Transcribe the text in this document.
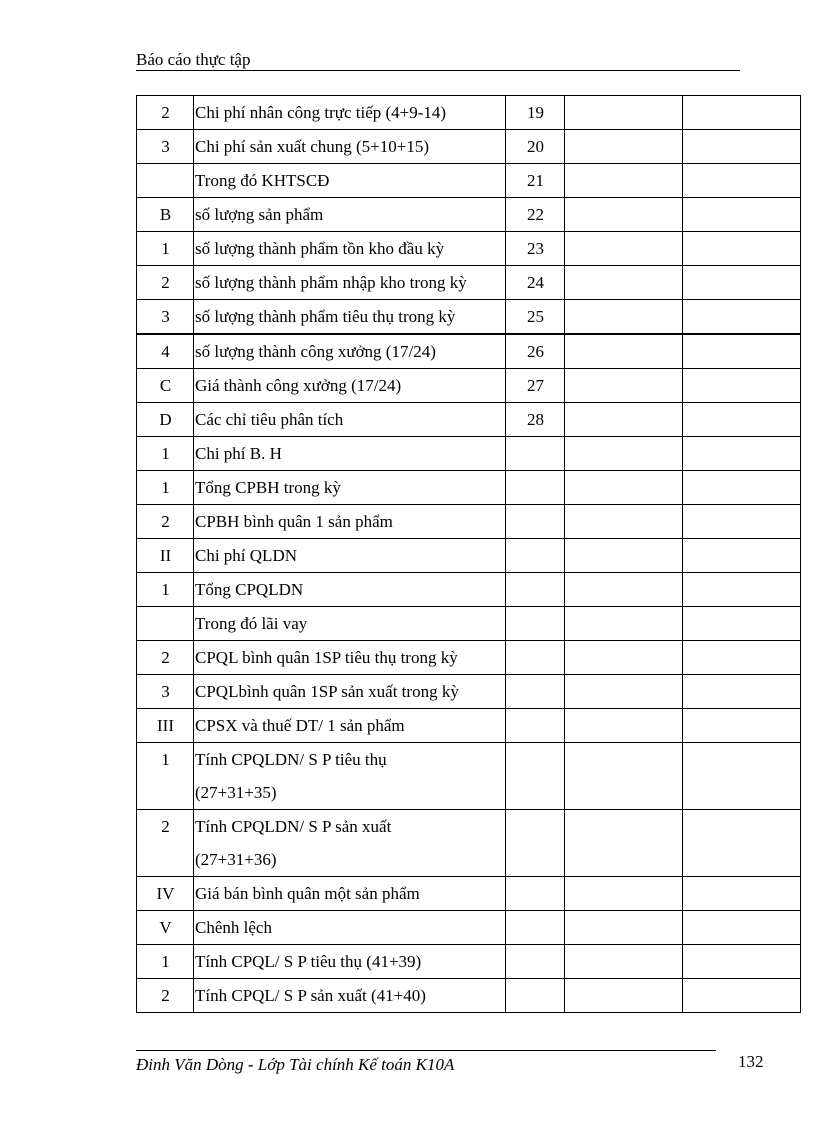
Báo cáo thực tập
2	Chi phí nhân công trực tiếp (4+9-14)	19		
3	Chi phí sản xuất chung (5+10+15)	20		
	Trong đó KHTSCĐ	21		
B	số lượng sản phẩm	22		
1	số lượng thành phẩm tồn kho đầu kỳ	23		
2	số lượng thành phẩm nhập kho trong kỳ	24		
3	số lượng thành phẩm tiêu thụ trong kỳ	25		
4	số lượng thành công xưởng (17/24)	26		
C	Giá thành công xưởng (17/24)	27		
D	Các chỉ tiêu phân tích	28		
1	Chi phí B. H			
1	Tổng CPBH trong kỳ			
2	CPBH bình quân 1 sản phẩm			
II	Chi phí QLDN			
1	Tổng CPQLDN			
	Trong đó lãi vay			
2	CPQL bình quân 1SP tiêu thụ trong kỳ			
3	CPQLbình quân 1SP sản xuất trong kỳ			
III	CPSX và thuế DT/ 1 sản phẩm			
1	Tính CPQLDN/ S P tiêu thụ
(27+31+35)			
2	Tính CPQLDN/ S P sản xuất
(27+31+36)			
IV	Giá bán bình quân một sản phẩm			
V	Chênh lệch			
1	Tính CPQL/ S P tiêu thụ (41+39)			
2	Tính CPQL/ S P sản xuất (41+40)			
Đinh Văn Dòng - Lớp Tài chính Kế toán K10A	132
